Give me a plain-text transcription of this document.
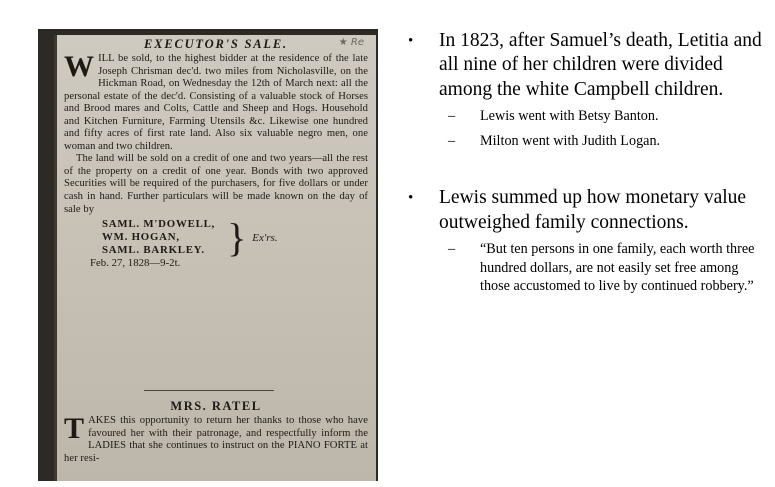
★ Re
EXECUTOR'S SALE.

WILL be sold, to the highest bidder at the residence of the late Joseph Chrisman dec'd. two miles from Nicholasville, on the Hickman Road, on Wednesday the 12th of March next: all the personal estate of the dec'd. Consisting of a valuable stock of Horses and Brood mares and Colts, Cattle and Sheep and Hogs. Household and Kitchen Furniture, Farming Utensils &c. Likewise one hundred and fifty acres of first rate land. Also six valuable negro men, one woman and two children.

The land will be sold on a credit of one and two years—all the rest of the property on a credit of one year. Bonds with two approved Securities will be required of the purchasers, for five dollars or under cash in hand. Further particulars will be made known on the day of sale by

SAML. M'DOWELL,
WM. HOGAN,
SAML. BARKLEY. } Ex'rs.
Feb. 27, 1828—9-2t.
MRS. RATEL

TAKES this opportunity to return her thanks to those who have favoured her with their patronage, and respectfully inform the LADIES that she continues to instruct on the PIANO FORTE at her resi-

• In 1823, after Samuel’s death, Letitia and all nine of her children were divided among the white Campbell children.
– Lewis went with Betsy Banton.
– Milton went with Judith Logan.
• Lewis summed up how monetary value outweighed family connections.
– “But ten persons in one family, each worth three hundred dollars, are not easily set free among those accustomed to live by continued robbery.”
